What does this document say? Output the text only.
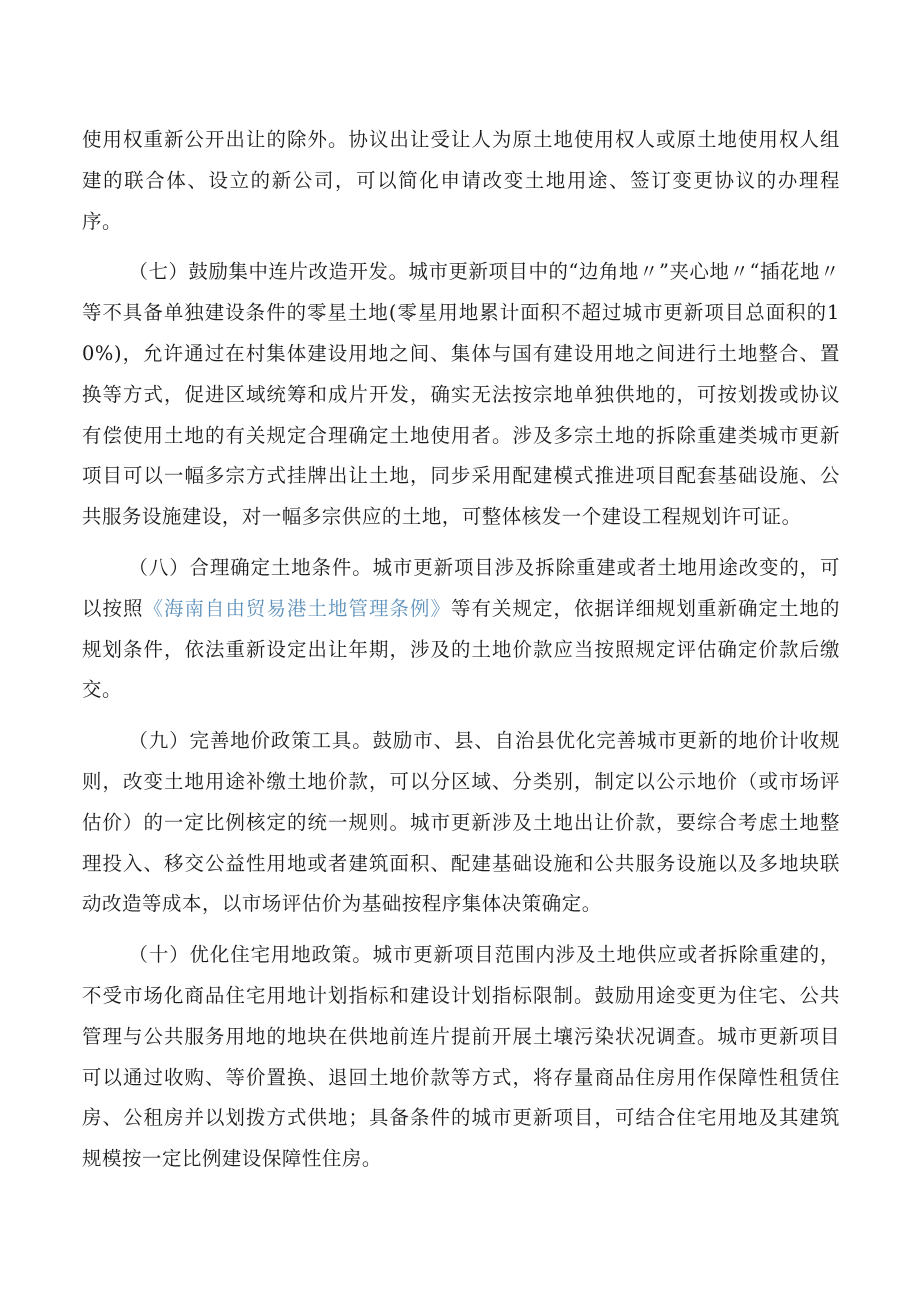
使用权重新公开出让的除外。协议出让受让人为原土地使用权人或原土地使用权人组建的联合体、设立的新公司，可以简化申请改变土地用途、签订变更协议的办理程序。

（七）鼓励集中连片改造开发。城市更新项目中的“边角地〃”夹心地〃“插花地〃等不具备单独建设条件的零星土地(零星用地累计面积不超过城市更新项目总面积的10%)，允许通过在村集体建设用地之间、集体与国有建设用地之间进行土地整合、置换等方式，促进区域统筹和成片开发，确实无法按宗地单独供地的，可按划拨或协议有偿使用土地的有关规定合理确定土地使用者。涉及多宗土地的拆除重建类城市更新项目可以一幅多宗方式挂牌出让土地，同步采用配建模式推进项目配套基础设施、公共服务设施建设，对一幅多宗供应的土地，可整体核发一个建设工程规划许可证。

（八）合理确定土地条件。城市更新项目涉及拆除重建或者土地用途改变的，可以按照《海南自由贸易港土地管理条例》等有关规定，依据详细规划重新确定土地的规划条件，依法重新设定出让年期，涉及的土地价款应当按照规定评估确定价款后缴交。

（九）完善地价政策工具。鼓励市、县、自治县优化完善城市更新的地价计收规则，改变土地用途补缴土地价款，可以分区域、分类别，制定以公示地价（或市场评估价）的一定比例核定的统一规则。城市更新涉及土地出让价款，要综合考虑土地整理投入、移交公益性用地或者建筑面积、配建基础设施和公共服务设施以及多地块联动改造等成本，以市场评估价为基础按程序集体决策确定。

（十）优化住宅用地政策。城市更新项目范围内涉及土地供应或者拆除重建的，不受市场化商品住宅用地计划指标和建设计划指标限制。鼓励用途变更为住宅、公共管理与公共服务用地的地块在供地前连片提前开展土壤污染状况调查。城市更新项目可以通过收购、等价置换、退回土地价款等方式，将存量商品住房用作保障性租赁住房、公租房并以划拨方式供地；具备条件的城市更新项目，可结合住宅用地及其建筑规模按一定比例建设保障性住房。
